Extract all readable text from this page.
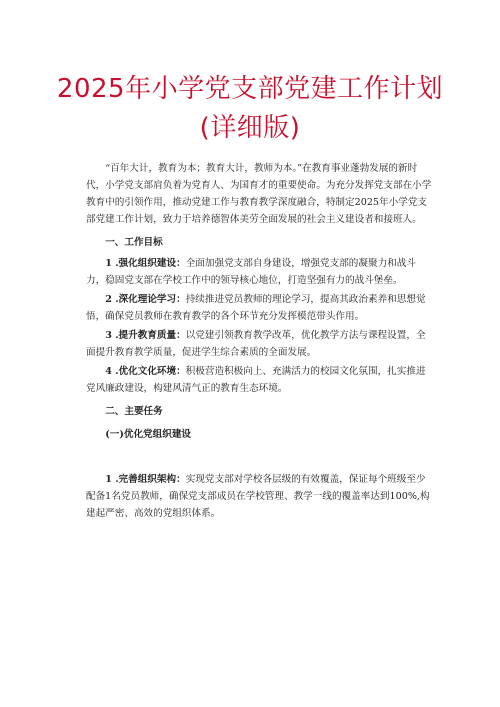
2025年小学党支部党建工作计划
(详细版)

“百年大计，教育为本；教育大计，教师为本。”在教育事业蓬勃发展的新时代，小学党支部肩负着为党育人、为国育才的重要使命。为充分发挥党支部在小学教育中的引领作用，推动党建工作与教育教学深度融合，特制定2025年小学党支部党建工作计划，致力于培养德智体美劳全面发展的社会主义建设者和接班人。

一、工作目标

1 .强化组织建设：全面加强党支部自身建设，增强党支部的凝聚力和战斗力，稳固党支部在学校工作中的领导核心地位，打造坚强有力的战斗堡垒。

2 .深化理论学习：持续推进党员教师的理论学习，提高其政治素养和思想觉悟，确保党员教师在教育教学的各个环节充分发挥模范带头作用。

3 .提升教育质量：以党建引领教育教学改革，优化教学方法与课程设置，全面提升教育教学质量，促进学生综合素质的全面发展。

4 .优化文化环境：积极营造积极向上、充满活力的校园文化氛围，扎实推进党风廉政建设，构建风清气正的教育生态环境。

二、主要任务

(一)优化党组织建设

1 .完善组织架构：实现党支部对学校各层级的有效覆盖，保证每个班级至少配备1名党员教师，确保党支部成员在学校管理、教学一线的覆盖率达到100%,构建起严密、高效的党组织体系。
